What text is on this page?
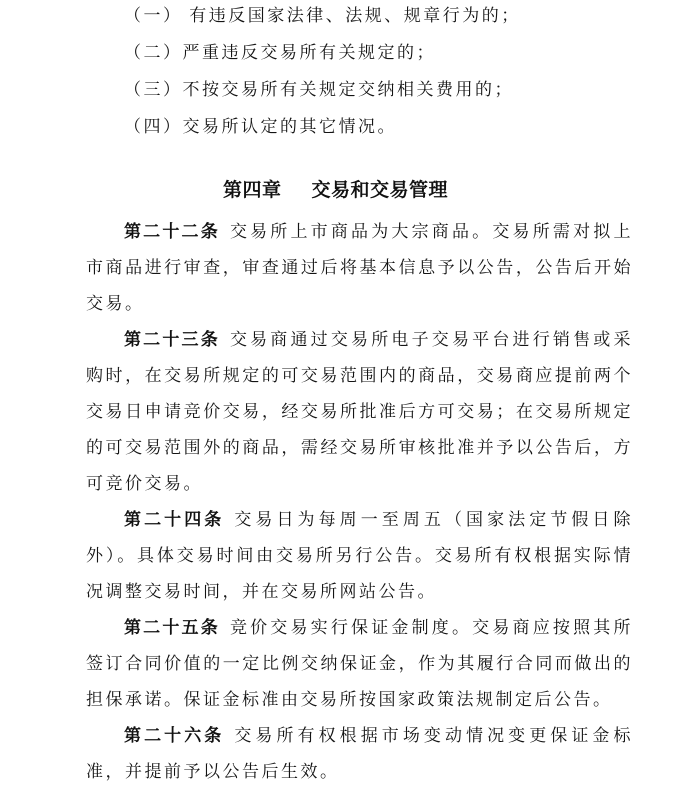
（一） 有违反国家法律、法规、规章行为的；

（二）严重违反交易所有关规定的；

（三）不按交易所有关规定交纳相关费用的；

（四）交易所认定的其它情况。

第四章 交易和交易管理

第二十二条 交易所上市商品为大宗商品。交易所需对拟上市商品进行审查，审查通过后将基本信息予以公告，公告后开始交易。

第二十三条 交易商通过交易所电子交易平台进行销售或采购时，在交易所规定的可交易范围内的商品，交易商应提前两个交易日申请竞价交易，经交易所批准后方可交易；在交易所规定的可交易范围外的商品，需经交易所审核批准并予以公告后，方可竞价交易。

第二十四条 交易日为每周一至周五（国家法定节假日除外）。具体交易时间由交易所另行公告。交易所有权根据实际情况调整交易时间，并在交易所网站公告。

第二十五条 竞价交易实行保证金制度。交易商应按照其所签订合同价值的一定比例交纳保证金，作为其履行合同而做出的担保承诺。保证金标准由交易所按国家政策法规制定后公告。

第二十六条 交易所有权根据市场变动情况变更保证金标准，并提前予以公告后生效。
